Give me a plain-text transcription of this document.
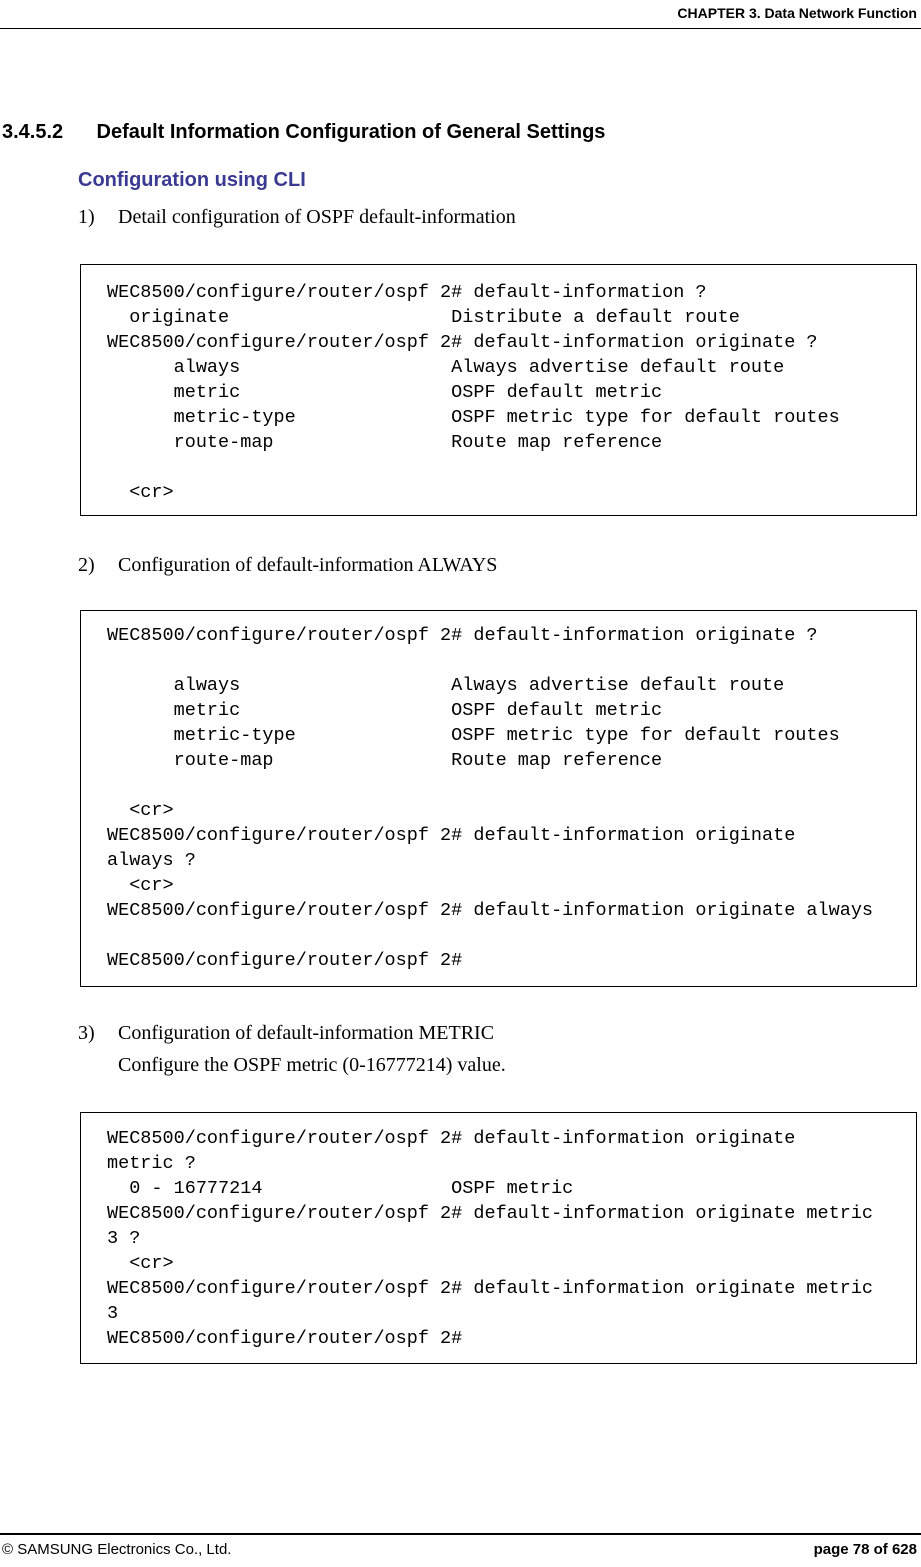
CHAPTER 3. Data Network Function
3.4.5.2 Default Information Configuration of General Settings
Configuration using CLI
1) Detail configuration of OSPF default-information
WEC8500/configure/router/ospf 2# default-information ?
originate                    Distribute a default route
WEC8500/configure/router/ospf 2# default-information originate ?
always                   Always advertise default route
metric                   OSPF default metric
metric-type              OSPF metric type for default routes
route-map                Route map reference

<cr>
2) Configuration of default-information ALWAYS
WEC8500/configure/router/ospf 2# default-information originate ?

always                   Always advertise default route
metric                   OSPF default metric
metric-type              OSPF metric type for default routes
route-map                Route map reference

<cr>
WEC8500/configure/router/ospf 2# default-information originate
always ?
<cr>
WEC8500/configure/router/ospf 2# default-information originate always

WEC8500/configure/router/ospf 2#
3) Configuration of default-information METRIC
Configure the OSPF metric (0-16777214) value.
WEC8500/configure/router/ospf 2# default-information originate
metric ?
0 - 16777214                 OSPF metric
WEC8500/configure/router/ospf 2# default-information originate metric
3 ?
<cr>
WEC8500/configure/router/ospf 2# default-information originate metric
3
WEC8500/configure/router/ospf 2#
© SAMSUNG Electronics Co., Ltd.	page 78 of 628
